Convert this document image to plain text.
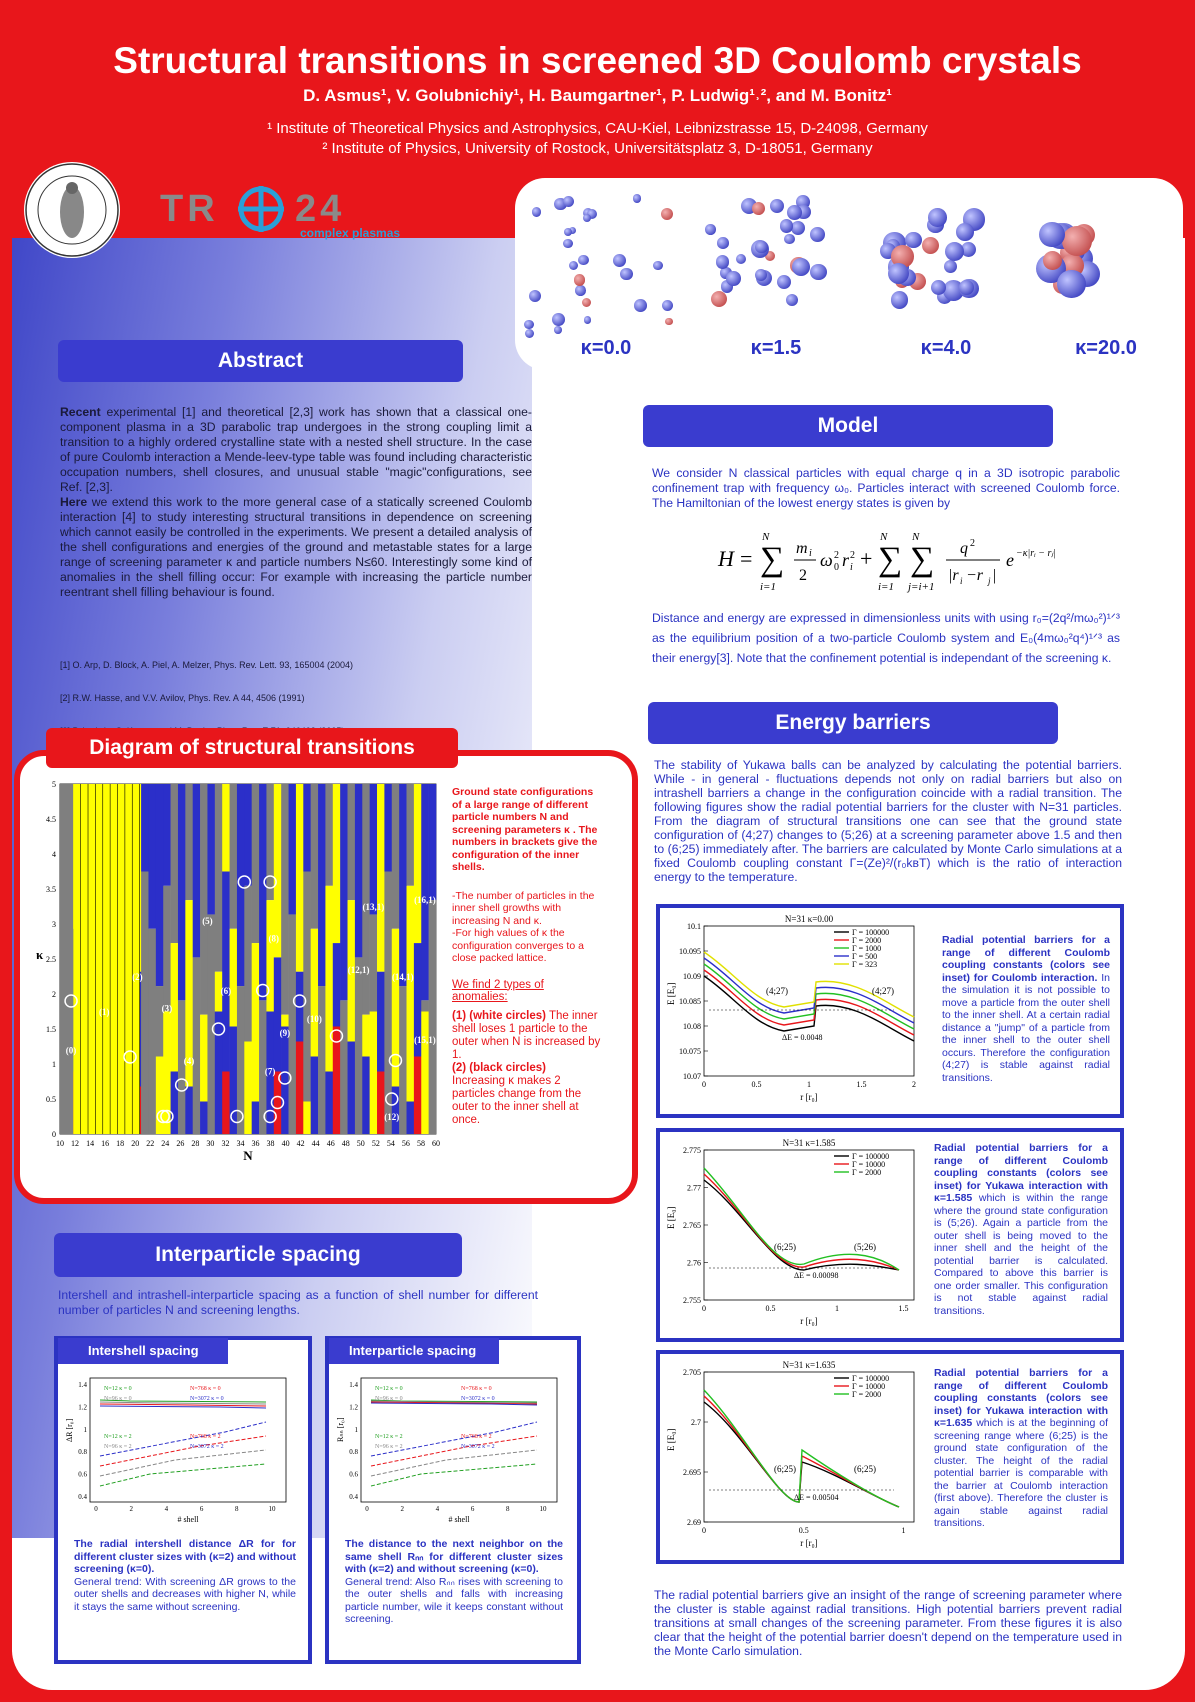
Structural transitions in screened 3D Coulomb crystals
D. Asmus¹, V. Golubnichiy¹, H. Baumgartner¹, P. Ludwig¹˒², and M. Bonitz¹
¹ Institute of Theoretical Physics and Astrophysics, CAU-Kiel, Leibnizstrasse 15, D-24098, Germany
² Institute of Physics, University of Rostock, Universitätsplatz 3, D-18051, Germany
TR 24
complex plasmas
κ=0.0	κ=1.5	κ=4.0	κ=20.0
Abstract
Recent experimental [1] and theoretical [2,3] work has shown that a classical one-component plasma in a 3D parabolic trap undergoes in the strong coupling limit a transition to a highly ordered crystalline state with a nested shell structure. In the case of pure Coulomb interaction a Mende-leev-type table was found including characteristic occupation numbers, shell closures, and unusual stable "magic"configurations, see Ref. [2,3].
Here we extend this work to the more general case of a statically screened Coulomb interaction [4] to study interesting structural transitions in dependence on screening which cannot easily be controlled in the experiments. We present a detailed analysis of the shell configurations and energies of the ground and metastable states for a large range of screening parameter κ and particle numbers N≤60. Interestingly some kind of anomalies in the shell filling occur: For example with increasing the particle number reentrant shell filling behaviour is found.

[1] O. Arp, D. Block, A. Piel, A. Melzer, Phys. Rev. Lett. 93, 165004 (2004)

[2] R.W. Hasse, and V.V. Avilov, Phys. Rev. A 44, 4506 (1991)

Model
We consider N classical particles with equal charge q in a 3D isotropic parabolic confinement trap with frequency ω₀. Particles interact with screened Coulomb force. The Hamiltonian of the lowest energy states is given by
H = ∑
N
i=1
m i
2
ω 0
2 r i
2 + ∑
N
i=1
∑
N
j=i+1
q 2
|r i −r j |
e −κ|rᵢ − rⱼ|
Distance and energy are expressed in dimensionless units with using r₀=(2q²/mω₀²)¹ᐟ³ as the equilibrium position of a two-particle Coulomb system and E₀(4mω₀²q⁴)¹ᐟ³ as their energy[3]. Note that the confinement potential is independant of the screening κ.
Energy barriers
The stability of Yukawa balls can be analyzed by calculating the potential barriers. While - in general - fluctuations depends not only on radial barriers but also on intrashell barriers a change in the configuration coincide with a radial transition. The following figures show the radial potential barriers for the cluster with N=31 particles. From the diagram of structural transitions one can see that the ground state configuration of (4;27) changes to (5;26) at a screening parameter above 1.5 and then to (6;25) immediately after. The barriers are calculated by Monte Carlo simulations at a fixed Coulomb coupling constant Γ=(Ze)²/(r₀kʙT) which is the ratio of interaction energy to the temperature.
N=31 κ=0.00
10.1
10.095
10.09
10.085
10.08
10.075
10.07
0	0.5	1	1.5	2
r [r₀]
E [E₀]
Γ = 100000
Γ = 2000
Γ = 1000
Γ = 500
Γ = 323
(4;27)	(4;27)
ΔE = 0.0048
N=31 κ=1.585
2.775
2.77
2.765
2.76
2.755
0	0.5	1	1.5
r [r₀]
E [E₀]
Γ = 100000
Γ = 10000
Γ = 2000
(6;25)	(5;26)
ΔE = 0.00098
N=31 κ=1.635
2.705
2.7
2.695
2.69
0	0.5	1
r [r₀]
E [E₀]
Γ = 100000
Γ = 10000
Γ = 2000
(6;25)	(6;25)
ΔE = 0.00504
Radial potential barriers for a range of different Coulomb coupling constants (colors see inset) for Coulomb interaction. In the simulation it is not possible to move a particle from the outer shell to the inner shell. At a certain radial distance a "jump" of a particle from the inner shell to the outer shell occurs. Therefore the configuration (4;27) is stable against radial transitions.
Radial potential barriers for a range of different Coulomb coupling constants (colors see inset) for Yukawa interaction with κ=1.585 which is within the range where the ground state configuration is (5;26). Again a particle from the outer shell is being moved to the inner shell and the height of the potential barrier is calculated. Compared to above this barrier is one order smaller. This configuration is not stable against radial transitions.
Radial potential barriers for a range of different Coulomb coupling constants (colors see inset) for Yukawa interaction with κ=1.635 which is at the beginning of screening range where (6;25) is the ground state configuration of the cluster. The height of the radial potential barrier is comparable with the barrier at Coulomb interaction (first above). Therefore the cluster is again stable against radial transitions.
The radial potential barriers give an insight of the range of screening parameter where the cluster is stable against radial transitions. High potential barriers prevent radial transitions at small changes of the screening parameter. From these figures it is also clear that the height of the potential barrier doesn't depend on the temperature used in the Monte Carlo simulation.
Diagram of structural transitions
10 12 14 16 18 20 22 24 26 28 30 32 34 36 38 40 42 44 46 48 50 52 54 56 58 60
5
4.5
4
3.5
3
2.5
2
1.5
1
0.5
0
N
κ
(0)
(1)
(2)
(3)
(4)
(5)
(6)
(7)
(8)
(9)
(10)
(12,1)
(13,1)
(14,1)
(15,1)
(16,1)
(12)
Ground state configurations of a large range of different particle numbers N and screening parameters κ . The numbers in brackets give the configuration of the inner shells.
-The number of particles in the inner shell growths with increasing N and κ.
-For high values of κ the configuration converges to a close packed lattice.
We find 2 types of anomalies:
(1) (white circles) The inner shell loses 1 particle to the outer when N is increased by 1.
(2) (black circles) Increasing κ makes 2 particles change from the outer to the inner shell at once.
Interparticle spacing
Intershell and intrashell-interparticle spacing as a function of shell number for different number of particles N and screening lengths.
Intershell spacing	Interparticle spacing
1.4
1.2
1
0.8
0.6
0.4
0	2	4	6	8	10
# shell
ΔR [r₀]
N=12 κ = 0
N=96 κ = 0
N=768 κ = 0
N=3072 κ = 0
N=12 κ = 2
N=96 κ = 2
N=768 κ = 2
N=3072 κ = 2
1.4
1.2
1
0.8
0.6
0.4
0	2	4	6	8	10
# shell
Rₙₙ [r₀]
N=12 κ = 0
N=96 κ = 0
N=768 κ = 0
N=3072 κ = 0
N=12 κ = 2
N=96 κ = 2
N=768 κ = 2
N=3072 κ = 2
The radial intershell distance ΔR for for different cluster sizes with (κ=2) and without screening (κ=0).
General trend: With screening ΔR grows to the outer shells and decreases with higher N, while it stays the same without screening.
The distance to the next neighbor on the same shell Rₙₙ for different cluster sizes with (κ=2) and without screening (κ=0).
General trend: Also Rₙₙ rises with screening to the outer shells and falls with increasing particle number, wile it keeps constant without screening.
